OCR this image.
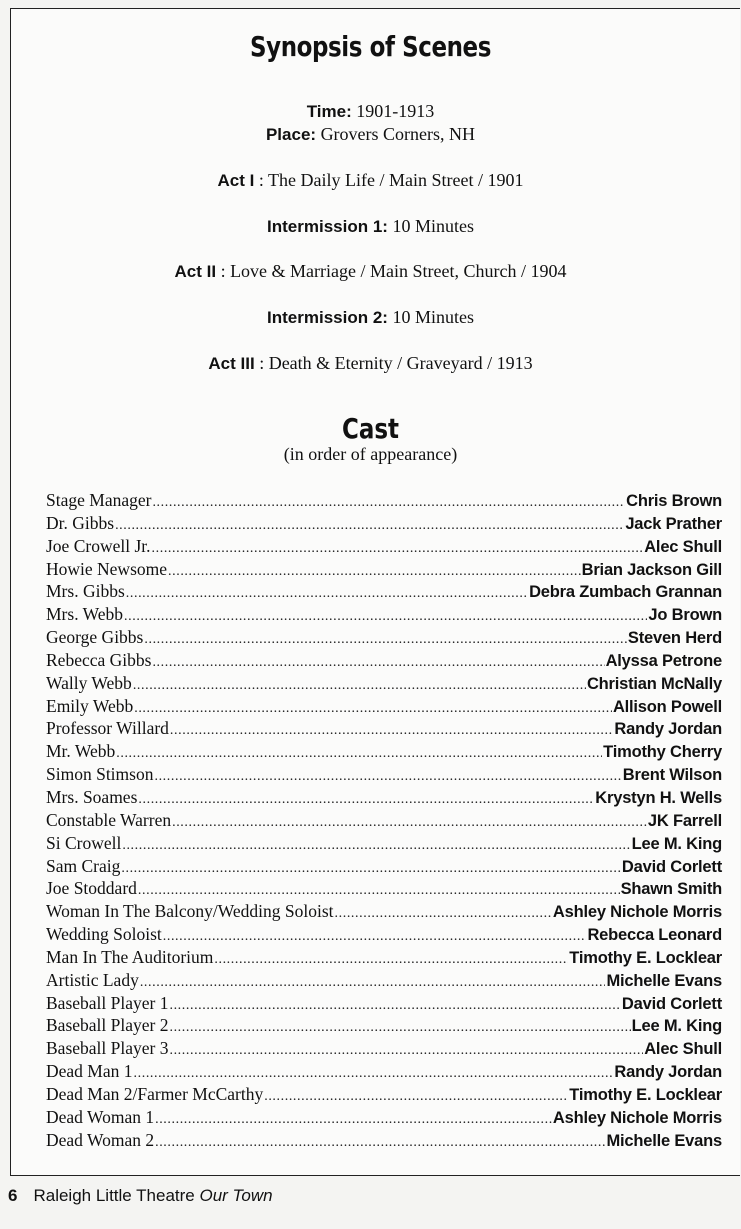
Synopsis of Scenes
Time: 1901-1913
Place: Grovers Corners, NH
Act I : The Daily Life / Main Street / 1901
Intermission 1: 10 Minutes
Act II : Love & Marriage / Main Street, Church / 1904
Intermission 2: 10 Minutes
Act III : Death & Eternity / Graveyard / 1913
Cast
(in order of appearance)
Stage Manager .....	Chris Brown
Dr. Gibbs .....	Jack Prather
Joe Crowell Jr. .....	Alec Shull
Howie Newsome .....	Brian Jackson Gill
Mrs. Gibbs .....	Debra Zumbach Grannan
Mrs. Webb .....	Jo Brown
George Gibbs .....	Steven Herd
Rebecca Gibbs .....	Alyssa Petrone
Wally Webb .....	Christian McNally
Emily Webb .....	Allison Powell
Professor Willard .....	Randy Jordan
Mr. Webb .....	Timothy Cherry
Simon Stimson .....	Brent Wilson
Mrs. Soames .....	Krystyn H. Wells
Constable Warren .....	JK Farrell
Si Crowell .....	Lee M. King
Sam Craig .....	David Corlett
Joe Stoddard .....	Shawn Smith
Woman In The Balcony/Wedding Soloist .....	Ashley Nichole Morris
Wedding Soloist .....	Rebecca Leonard
Man In The Auditorium .....	Timothy E. Locklear
Artistic Lady .....	Michelle Evans
Baseball Player 1 .....	David Corlett
Baseball Player 2 .....	Lee M. King
Baseball Player 3 .....	Alec Shull
Dead Man 1 .....	Randy Jordan
Dead Man 2/Farmer McCarthy .....	Timothy E. Locklear
Dead Woman 1 .....	Ashley Nichole Morris
Dead Woman 2 .....	Michelle Evans
6 Raleigh Little Theatre Our Town
